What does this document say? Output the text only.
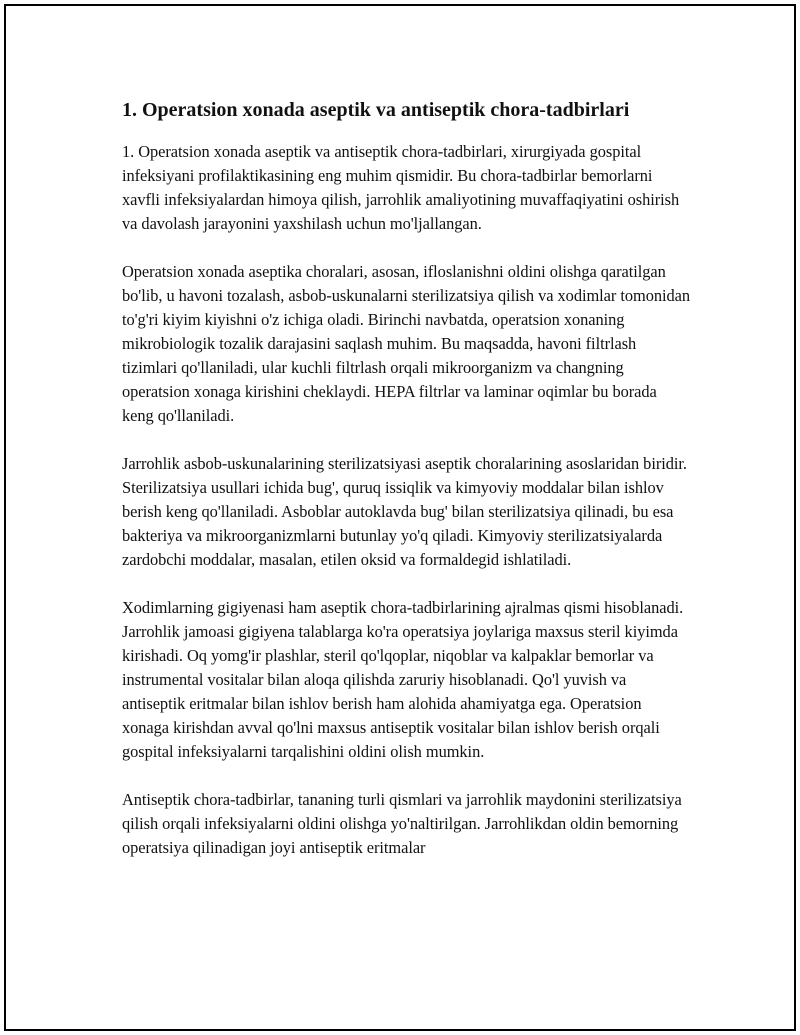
1. Operatsion xonada aseptik va antiseptik chora-tadbirlari

1. Operatsion xonada aseptik va antiseptik chora-tadbirlari, xirurgiyada gospital infeksiyani profilaktikasining eng muhim qismidir. Bu chora-tadbirlar bemorlarni xavfli infeksiyalardan himoya qilish, jarrohlik amaliyotining muvaffaqiyatini oshirish va davolash jarayonini yaxshilash uchun mo'ljallangan.

Operatsion xonada aseptika choralari, asosan, ifloslanishni oldini olishga qaratilgan bo'lib, u havoni tozalash, asbob-uskunalarni sterilizatsiya qilish va xodimlar tomonidan to'g'ri kiyim kiyishni o'z ichiga oladi. Birinchi navbatda, operatsion xonaning mikrobiologik tozalik darajasini saqlash muhim. Bu maqsadda, havoni filtrlash tizimlari qo'llaniladi, ular kuchli filtrlash orqali mikroorganizm va changning operatsion xonaga kirishini cheklaydi. HEPA filtrlar va laminar oqimlar bu borada keng qo'llaniladi.

Jarrohlik asbob-uskunalarining sterilizatsiyasi aseptik choralarining asoslaridan biridir. Sterilizatsiya usullari ichida bug', quruq issiqlik va kimyoviy moddalar bilan ishlov berish keng qo'llaniladi. Asboblar autoklavda bug' bilan sterilizatsiya qilinadi, bu esa bakteriya va mikroorganizmlarni butunlay yo'q qiladi. Kimyoviy sterilizatsiyalarda zardobchi moddalar, masalan, etilen oksid va formaldegid ishlatiladi.

Xodimlarning gigiyenasi ham aseptik chora-tadbirlarining ajralmas qismi hisoblanadi. Jarrohlik jamoasi gigiyena talablarga ko'ra operatsiya joylariga maxsus steril kiyimda kirishadi. Oq yomg'ir plashlar, steril qo'lqoplar, niqoblar va kalpaklar bemorlar va instrumental vositalar bilan aloqa qilishda zaruriy hisoblanadi. Qo'l yuvish va antiseptik eritmalar bilan ishlov berish ham alohida ahamiyatga ega. Operatsion xonaga kirishdan avval qo'lni maxsus antiseptik vositalar bilan ishlov berish orqali gospital infeksiyalarni tarqalishini oldini olish mumkin.

Antiseptik chora-tadbirlar, tananing turli qismlari va jarrohlik maydonini sterilizatsiya qilish orqali infeksiyalarni oldini olishga yo'naltirilgan. Jarrohlikdan oldin bemorning operatsiya qilinadigan joyi antiseptik eritmalar
